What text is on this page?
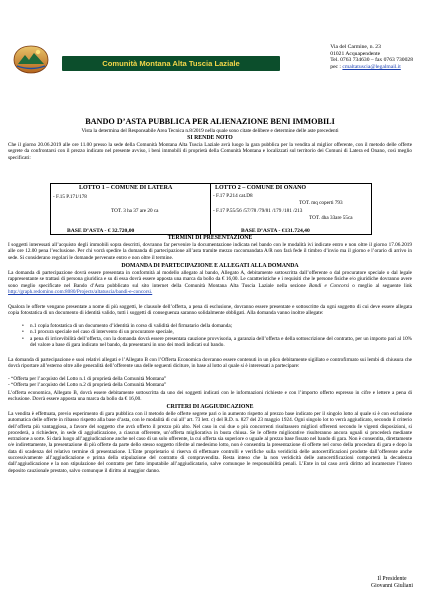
Comunità Montana Alta Tuscia Laziale
Via del Carmine, n. 23
01021 Acquapendente
Tel. 0763 734630 – fax 0763 730028
pec : cmaltatuscia@legalmail.it
BANDO D’ASTA PUBBLICA PER ALIENAZIONE BENI IMMOBILI
Vista la determina del Responsabile Area Tecnica n.8/2019 nella quale sono citate delibere e determine delle aste precedenti
SI RENDE NOTO

Che il giorno 20.06.2019 alle ore 11.00 presso la sede della Comunità Montana Alta Tuscia Laziale avrà luogo la gara pubblica per la vendita al miglior offerente, con il metodo delle offerte segrete da confrontarsi con il prezzo indicato nel presente avviso, i beni immobili di proprietà della Comunità Montana e localizzati sul territorio dei Comuni di Latera ed Onano, così meglio specificati:

LOTTO 1 – COMUNE DI LATERA
- F.15 P.171/178
TOT. 3 ha 37 are 20 ca
BASE D’ASTA - € 32.720,00
LOTTO 2 – COMUNE DI ONANO
- F.17 P.214 cat.D8
TOT. mq coperti 793
- F.17 P.55/56 /57/78 /79/81 /179 /181 /213
TOT. 4ha 33are 55ca
BASE D’ASTA - €131.724,40
TERMINI DI PRESENTAZIONE

I soggetti interessati all’acquisto degli immobili sopra descritti, dovranno far pervenire la documentazione indicata nel bando con le modalità ivi indicate entro e non oltre il giorno 17.06.2019 alle ore 12.00 pena l’esclusione. Per chi vorrà spedire la domanda di partecipazione all’asta tramite mezzo raccomandata A/R non farà fede il timbro d’invio ma il giorno e l’orario di arrivo in sede. Si considerano regolari le domande pervenute entro e non oltre il termine.

DOMANDA DI PARTECIPAZIONE E ALLEGATI ALLA DOMANDA

La domanda di partecipazione dovrà essere presentata in conformità al modello allegato al bando, Allegato A, debitamente sottoscritta dall’offerente o dal procuratore speciale o dal legale rappresentante se trattasi di persona giuridica e su di essa dovrà essere apposta una marca da bollo da € 16,00. Le caratteristiche e i requisiti che le persone fisiche e/o giuridiche dovranno avere sono meglio specificate nel Bando d’Asta pubblicato sul sito internet della Comunità Montana Alta Tuscia Laziale nella sezione Bandi e Concorsi o meglio al seguente link http://graph.redomino.com:8080/Projects/altatuscia/bandi-e-concorsi.

Qualora le offerte vengano presentate a nome di più soggetti, le clausole dell’offerta, a pena di esclusione, dovranno essere presentate e sottoscritte da ogni soggetto di cui deve essere allegata copia fotostatica di un documento di identità valido, tutti i soggetti di conseguenza saranno solidalmente obbligati. Alla domanda vanno inoltre allegate:

• n.1 copia fotostatica di un documento d’identità in corso di validità del firmatario della domanda;
• n.1 procura speciale nel caso di intervento di un procuratore speciale,
• a pena di irricevibilità dell’offerta, con la domanda dovrà essere presentata cauzione provvisoria, a garanzia dell’offerta e della sottoscrizione del contratto, per un importo pari al 10% del valore a base di gara indicato nel bando, da presentarsi in uno dei modi indicati sul bando.

La domanda di partecipazione e suoi relativi allegati e l’Allegato B con l’Offerta Economica dovranno essere contenuti in un plico debitamente sigillato e controfirmato sui lembi di chiusura che dovrà riportare all’esterno oltre alle generalità dell’offerente una delle seguenti diciture, in base al lotto al quale si è interessati a partecipare:

- “Offerta per l’acquisto del Lotto n.1 di proprietà della Comunità Montana”
- “Offerta per l’acquisto del Lotto n.2 di proprietà della Comunità Montana”

L’offerta economica, Allegato B, dovrà essere debitamente sottoscritta da uno dei soggetti indicati con le informazioni richieste e con l’importo offerto espresso in cifre e lettere a pena di esclusione. Dovrà essere apposta una marca da bollo da € 16,00.

CRITERI DI AGGIUDICAZIONE

La vendita è effettuata, previo esperimento di gara pubblica con il metodo delle offerte segrete pari o in aumento rispetto al prezzo base indicato per il singolo lotto al quale si è con esclusione automatica delle offerte in ribasso rispetto alla base d’asta, con le modalità di cui all’ art. 73 lett. c) del R.D. n. 827 del 23 maggio 1924. Ogni singolo lot to verrà aggiudicato, secondo il criterio dell’offerta più vantaggiosa, a favore del soggetto che avrà offerto il prezzo più alto. Nel caso in cui due o più concorrenti risultassero migliori offerenti secondo le vigenti disposizioni, si procederà, a richiedere, in sede di aggiudicazione, a ciascun offerente, un’offerta migliorativa in busta chiusa. Se le offerte migliorative risulteranno ancora uguali si procederà mediante estrazione a sorte. Si darà luogo all’aggiudicazione anche nel caso di un solo offerente, la cui offerta sia superiore o uguale al prezzo base fissato nel bando di gara. Non è consentita, direttamente o/e indirettamente, la presentazione di più offerte da parte dello stesso soggetto riferite al medesimo lotto, non è consentita la presentazione di offerte nel corso della procedura di gara e dopo la data di scadenza del relativo termine di presentazione. L’Ente proprietario si riserva di effettuare controlli e verifiche sulla veridicità delle autocertificazioni prodotte dall’offerente anche successivamente all’aggiudicazione e prima della stipulazione del contratto di compravendita. Resta inteso che la non veridicità delle autocertificazioni comporterà la decadenza dall’aggiudicazione e la non stipulazione del contratto per fatto imputabile all’aggiudicatario, salve comunque le responsabilità penali. L’Ente in tal caso avrà diritto ad incamerare l’intero deposito cauzionale prestato, salvo comunque il diritto al maggior danno.

Il Presidente
Giovanni Giuliani
